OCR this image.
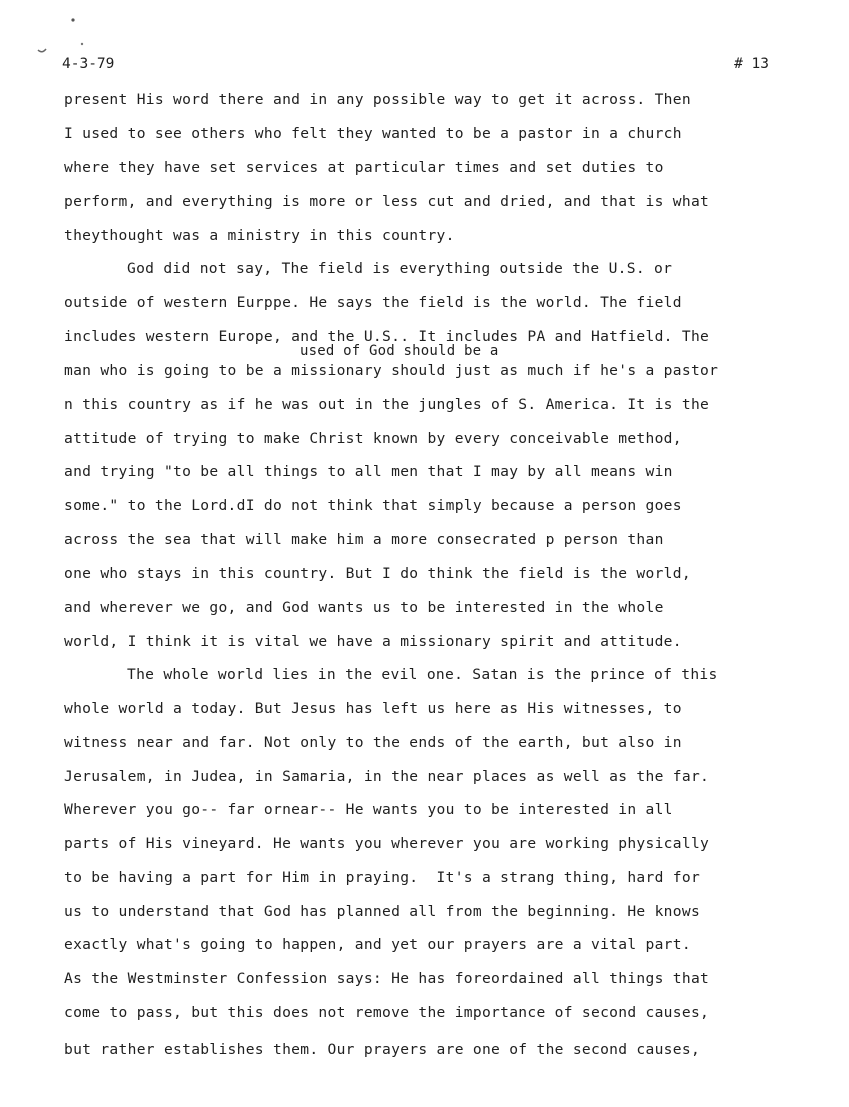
4-3-79	# 13
present His word there and in any possible way to get it across. Then
I used to see others who felt they wanted to be a pastor in a church
where they have set services at particular times and set duties to
perform, and everything is more or less cut and dried, and that is what
theythought was a ministry in this country.
God did not say, The field is everything outside the U.S. or
outside of western Eurppe. He says the field is the world. The field
includes western Europe, and the U.S.. It includes PA and Hatfield. The
used of God should be a
man who is going to be a missionary should just as much if he's a pastor
n this country as if he was out in the jungles of S. America. It is the
attitude of trying to make Christ known by every conceivable method,
and trying "to be all things to all men that I may by all means win
some." to the Lord.dI do not think that simply because a person goes
across the sea that will make him a more consecrated p person than
one who stays in this country. But I do think the field is the world,
and wherever we go, and God wants us to be interested in the whole
world, I think it is vital we have a missionary spirit and attitude.
The whole world lies in the evil one. Satan is the prince of this
whole world a today. But Jesus has left us here as His witnesses, to
witness near and far. Not only to the ends of the earth, but also in
Jerusalem, in Judea, in Samaria, in the near places as well as the far.
Wherever you go-- far ornear-- He wants you to be interested in all
parts of His vineyard. He wants you wherever you are working physically
to be having a part for Him in praying.  It's a strang thing, hard for
us to understand that God has planned all from the beginning. He knows
exactly what's going to happen, and yet our prayers are a vital part.
As the Westminster Confession says: He has foreordained all things that
come to pass, but this does not remove the importance of second causes,
but rather establishes them. Our prayers are one of the second causes,
